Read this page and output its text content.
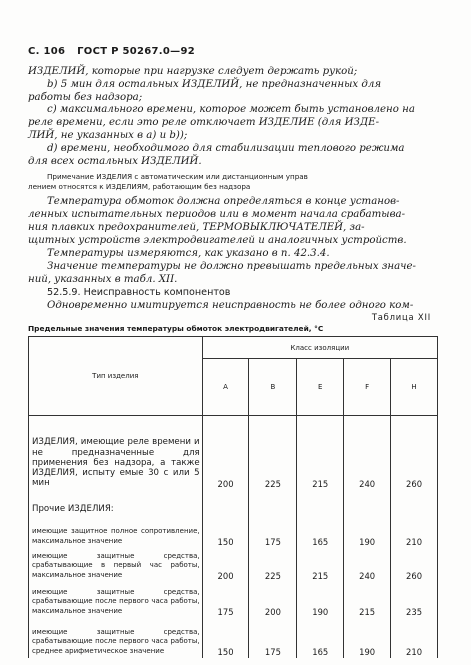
С. 106 ГОСТ Р 50267.0—92
ИЗДЕЛИЙ, которые при нагрузке следует держать рукой;
b) 5 мин для остальных ИЗДЕЛИЙ, не предназначенных для
работы без надзора;
c) максимального времени, которое может быть установлено на
реле времени, если это реле отключает ИЗДЕЛИЕ (для ИЗДЕ-
ЛИЙ, не указанных в a) и b));
d) времени, необходимого для стабилизации теплового режима
для всех остальных ИЗДЕЛИЙ.
Примечание ИЗДЕЛИЯ с автоматическим или дистанционным управ
лением относятся к ИЗДЕЛИЯМ, работающим без надзора
Температура обмоток должна определяться в конце установ-
ленных испытательных периодов или в момент начала срабатыва-
ния плавких предохранителей, ТЕРМОВЫКЛЮЧАТЕЛЕЙ, за-
щитных устройств электродвигателей и аналогичных устройств.
Температуры измеряются, как указано в п. 42.3.4.
Значение температуры не должно превышать предельных значе-
ний, указанных в табл. XII.
52.5.9. Неисправность компонентов
Одновременно имитируется неисправность не более одного ком-
Таблица XII
Предельные значения температуры обмоток электродвигателей, °С
Тип изделия	Класс изоляции				
	А	В	Е	F	Н
ИЗДЕЛИЯ, имеющие реле времени и не предназначенные для применения без надзора, а также ИЗДЕЛИЯ, испыту емые 30 с или 5 мин	200	225	215	240	260
Прочие ИЗДЕЛИЯ:					
имеющие защитное полное сопротивление, максимальное значение	150	175	165	190	210
имеющие защитные средства, срабатывающие в первый час работы, максимальное значение	200	225	215	240	260
имеющие защитные средства, срабатывающие после первого часа работы, максимальное значение	175	200	190	215	235
имеющие защитные средства, срабатывающие после первого часа работы, среднее арифметическое значение	150	175	165	190	210
